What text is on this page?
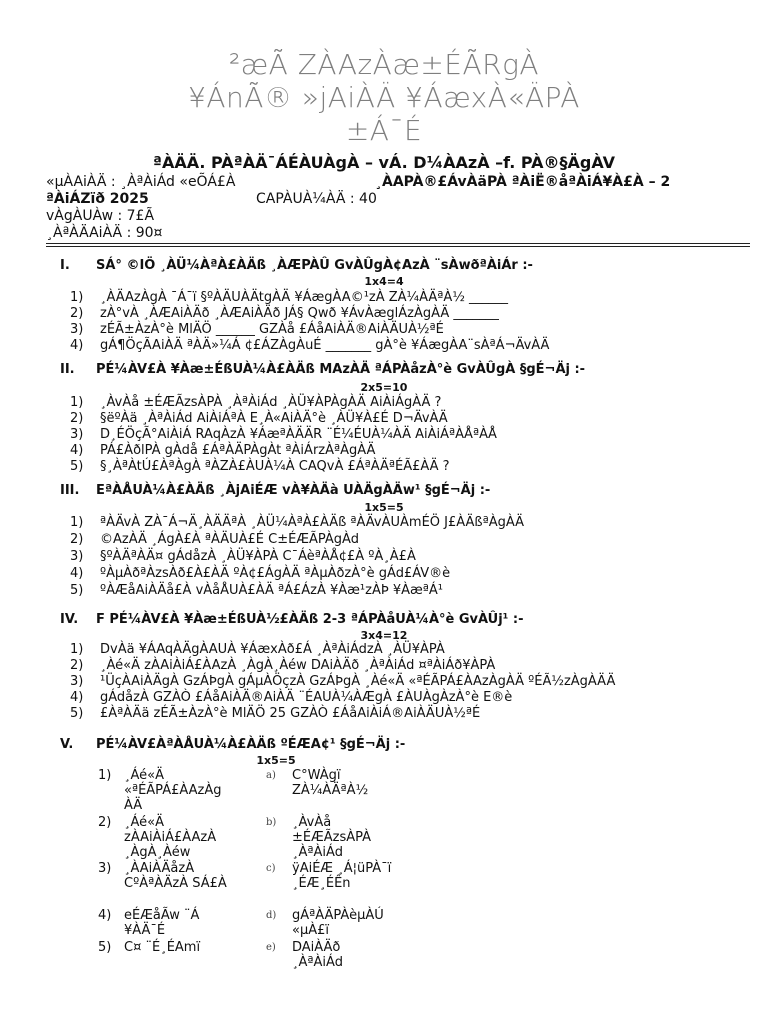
²æÃ ZÀAzÀæ±ÉÃRgÀ
¥ÁnÃ® »jAiÀÄ ¥ÁæxÀ«ÄPÀ
±Á¯É
ªÀÄÄ. PÀªÀÄ¯ÁÉÀUÀgÀ – vÁ. D¼ÀAzÀ –f. PÀ®§ÄgÀV
«µÀAiÀÄ : ¸ÀªÀiÁd «eÕÁ£À	¸ÀAPÀ®£ÁvÀäPÀ ªÀiË®åªÀiÁ¥À£À – 2
ªÀiÁZïð 2025	CAPÀUÀ¼ÀÄ : 40
vÀgÀUÀw : 7£Ã
¸ÀªÀÄAiÀÄ : 90¤
I. SÁ° ©IÖ ¸ÀÜ¼ÀªÀ£ÀÄß ¸ÀÆPÀÛ GvÀÛgÀ¢AzÀ ¨sÀwðªÀiÁr :-
1x4=4
1) ¸ÀÄAzÀgÀ ¯Á¯ï §ºÀÄUÀÄtgÀÄ ¥ÁægÀA©¹zÀ ZÀ¼ÀÄªÀ½ ______
2) zÀ°vÀ ¸ÀÆAiÀÄð ¸ÀÆAiÀÄð JÁ§ Qwð ¥ÁvÀæglÁzÀgÀÄ _______
3) zÉÃ±ÀzÀ°è MlÄÖ ______ GZÀå £ÁåAiÀÄ®AiÀÄUÀ½ªÉ
4) gÁ¶ÖçÃAiÀÄ ªÀÄ»¼Á ¢£ÁZÀgÀuÉ _______ gÀ°è ¥ÁægÀA¨sÀªÁ¬ÄvÀÄ
II. PÉ¼ÀV£À ¥Àæ±ÉßUÀ¼À£ÀÄß MAzÀÄ ªÁPÀåzÀ°è GvÀÛgÀ §gÉ¬Äj :-
2x5=10
1) ¸ÀvÀå ±ÉÆÃzsÀPÀ ¸ÀªÀiÁd ¸ÀÜ¥ÀPÀgÀÄ AiÀiÁgÀÄ ?
2) §ëºÀä ¸ÀªÀiÁd AiÀiÁªÀ E¸À«AiÀÄ°è ¸ÀÜ¥À£É D¬ÄvÀÄ
3) D¸ÉÖçÃ°AiÀiÁ RAqÀzÀ ¥ÁæªÀÄÄR ¨É¼ÉUÀ¼ÀÄ AiÀiÁªÀÅªÀÅ
4) PÁ£ÀðlPÀ gÀdå £ÁªÀÄPÀgÀt ªÀiÁrzÀªÀgÀÄ
5) §¸ÀªÀtÚ£ÀªÀgÀ ªÀZÀ£ÀUÀ¼À CAQvÀ £ÁªÀÄªÉÃ£ÀÄ ?
III. EªÀÅUÀ¼À£ÀÄß ¸ÀjAiÉÆ vÀ¥ÀÄà UÀÄgÀÄw¹ §gÉ¬Äj :-
1x5=5
1) ªÀÄvÀ ZÀ¯Á¬Ä¸ÀÄÄªÀ ¸ÀÜ¼ÀªÀ£ÀÄß ªÀÄvÀUÀmÉÖ J£ÀÄßªÀgÀÄ
2) ©AzÀÄ ¸ÁgÀ£À ªÀÄUÀ£É C±ÉÆÃPÀgÀd
3) §ºÀÄªÀÄ¤ gÁdåzÀ ¸ÀÜ¥ÀPÀ C¯ÁèªÀÅ¢£À ºÀ¸À£À
4) ºÀµÀðªÀzsÀð£À£ÀÄ ºÀ¢£ÁgÀÄ ªÀµÀðzÀ°è gÁd£ÁV®è
5) ºÀÆåAiÀÄå£À vÀåÅUÀ£ÀÄ ªÁ£ÁzÀ ¥Àæ¹zÀÞ ¥ÀæªÁ¹
IV. F PÉ¼ÀV£À ¥Àæ±ÉßUÀ½£ÀÄß 2-3 ªÁPÀåUÀ¼À°è GvÀÛj¹ :-
3x4=12
1) DvÀä ¥ÁAqÀÄgÀAUÀ ¥ÁæxÀð£Á ¸ÀªÀiÁdzÀ ¸ÀÜ¥ÀPÀ
2) ¸Àé«Ä zÀAiÀiÁ£ÀAzÀ ¸ÀgÀ¸Àéw DAiÀÄð ¸ÀªÀiÁd ¤ªÀiÁð¥ÀPÀ
3) ¹ÜçÀAiÀÄgÀ GzÁÞgÀ gÁµÀÖçzÀ GzÁÞgÀ ¸Àé«Ä «ªÉÃPÁ£ÀAzÀgÀÄ ºÉÃ½zÀgÀÄÄ
4) gÁdåzÀ GZÀÒ £ÁåAiÀÄ®AiÀÄ ¨ÉAUÀ¼ÀÆgÀ £ÀUÀgÀzÀ°è E®è
5) £ÀªÀÄä zÉÃ±ÀzÀ°è MlÄÖ 25 GZÀÒ £ÁåAiÀiÁ®AiÀÄUÀ½ªÉ
V. PÉ¼ÀV£ÀªÀÅUÀ¼À£ÀÄß ºÉÆA¢¹ §gÉ¬Äj :-
1x5=5
1) ¸Áé«Ä «ªÉÃPÁ£ÀAzÀg ÀÄ
2) ¸Áé«Ä zÀAiÀiÁ£ÀAzÀ ¸ÀgÀ¸Àéw
3) ¸ÀAiÀÄåzÀ CºÀªÀÄzÀ SÁ£À
4) eÉÆåÃw ¨Á ¥ÀÄ¯É
5) C¤ ¨É¸ÉAmï
a) C°WÀgï ZÀ¼ÀÄªÀ½
b) ¸ÀvÀå ±ÉÆÃzsÀPÀ ¸ÀªÀiÁd
c) ÿAiÉÆ ¸Á¦üPÀ¯ï ¸ÉÆ¸ÉÊn
d) gÁªÀÄPÀèµÀÚ «µÀ£ï
e) DAiÀÄð ¸ÀªÀiÁd
